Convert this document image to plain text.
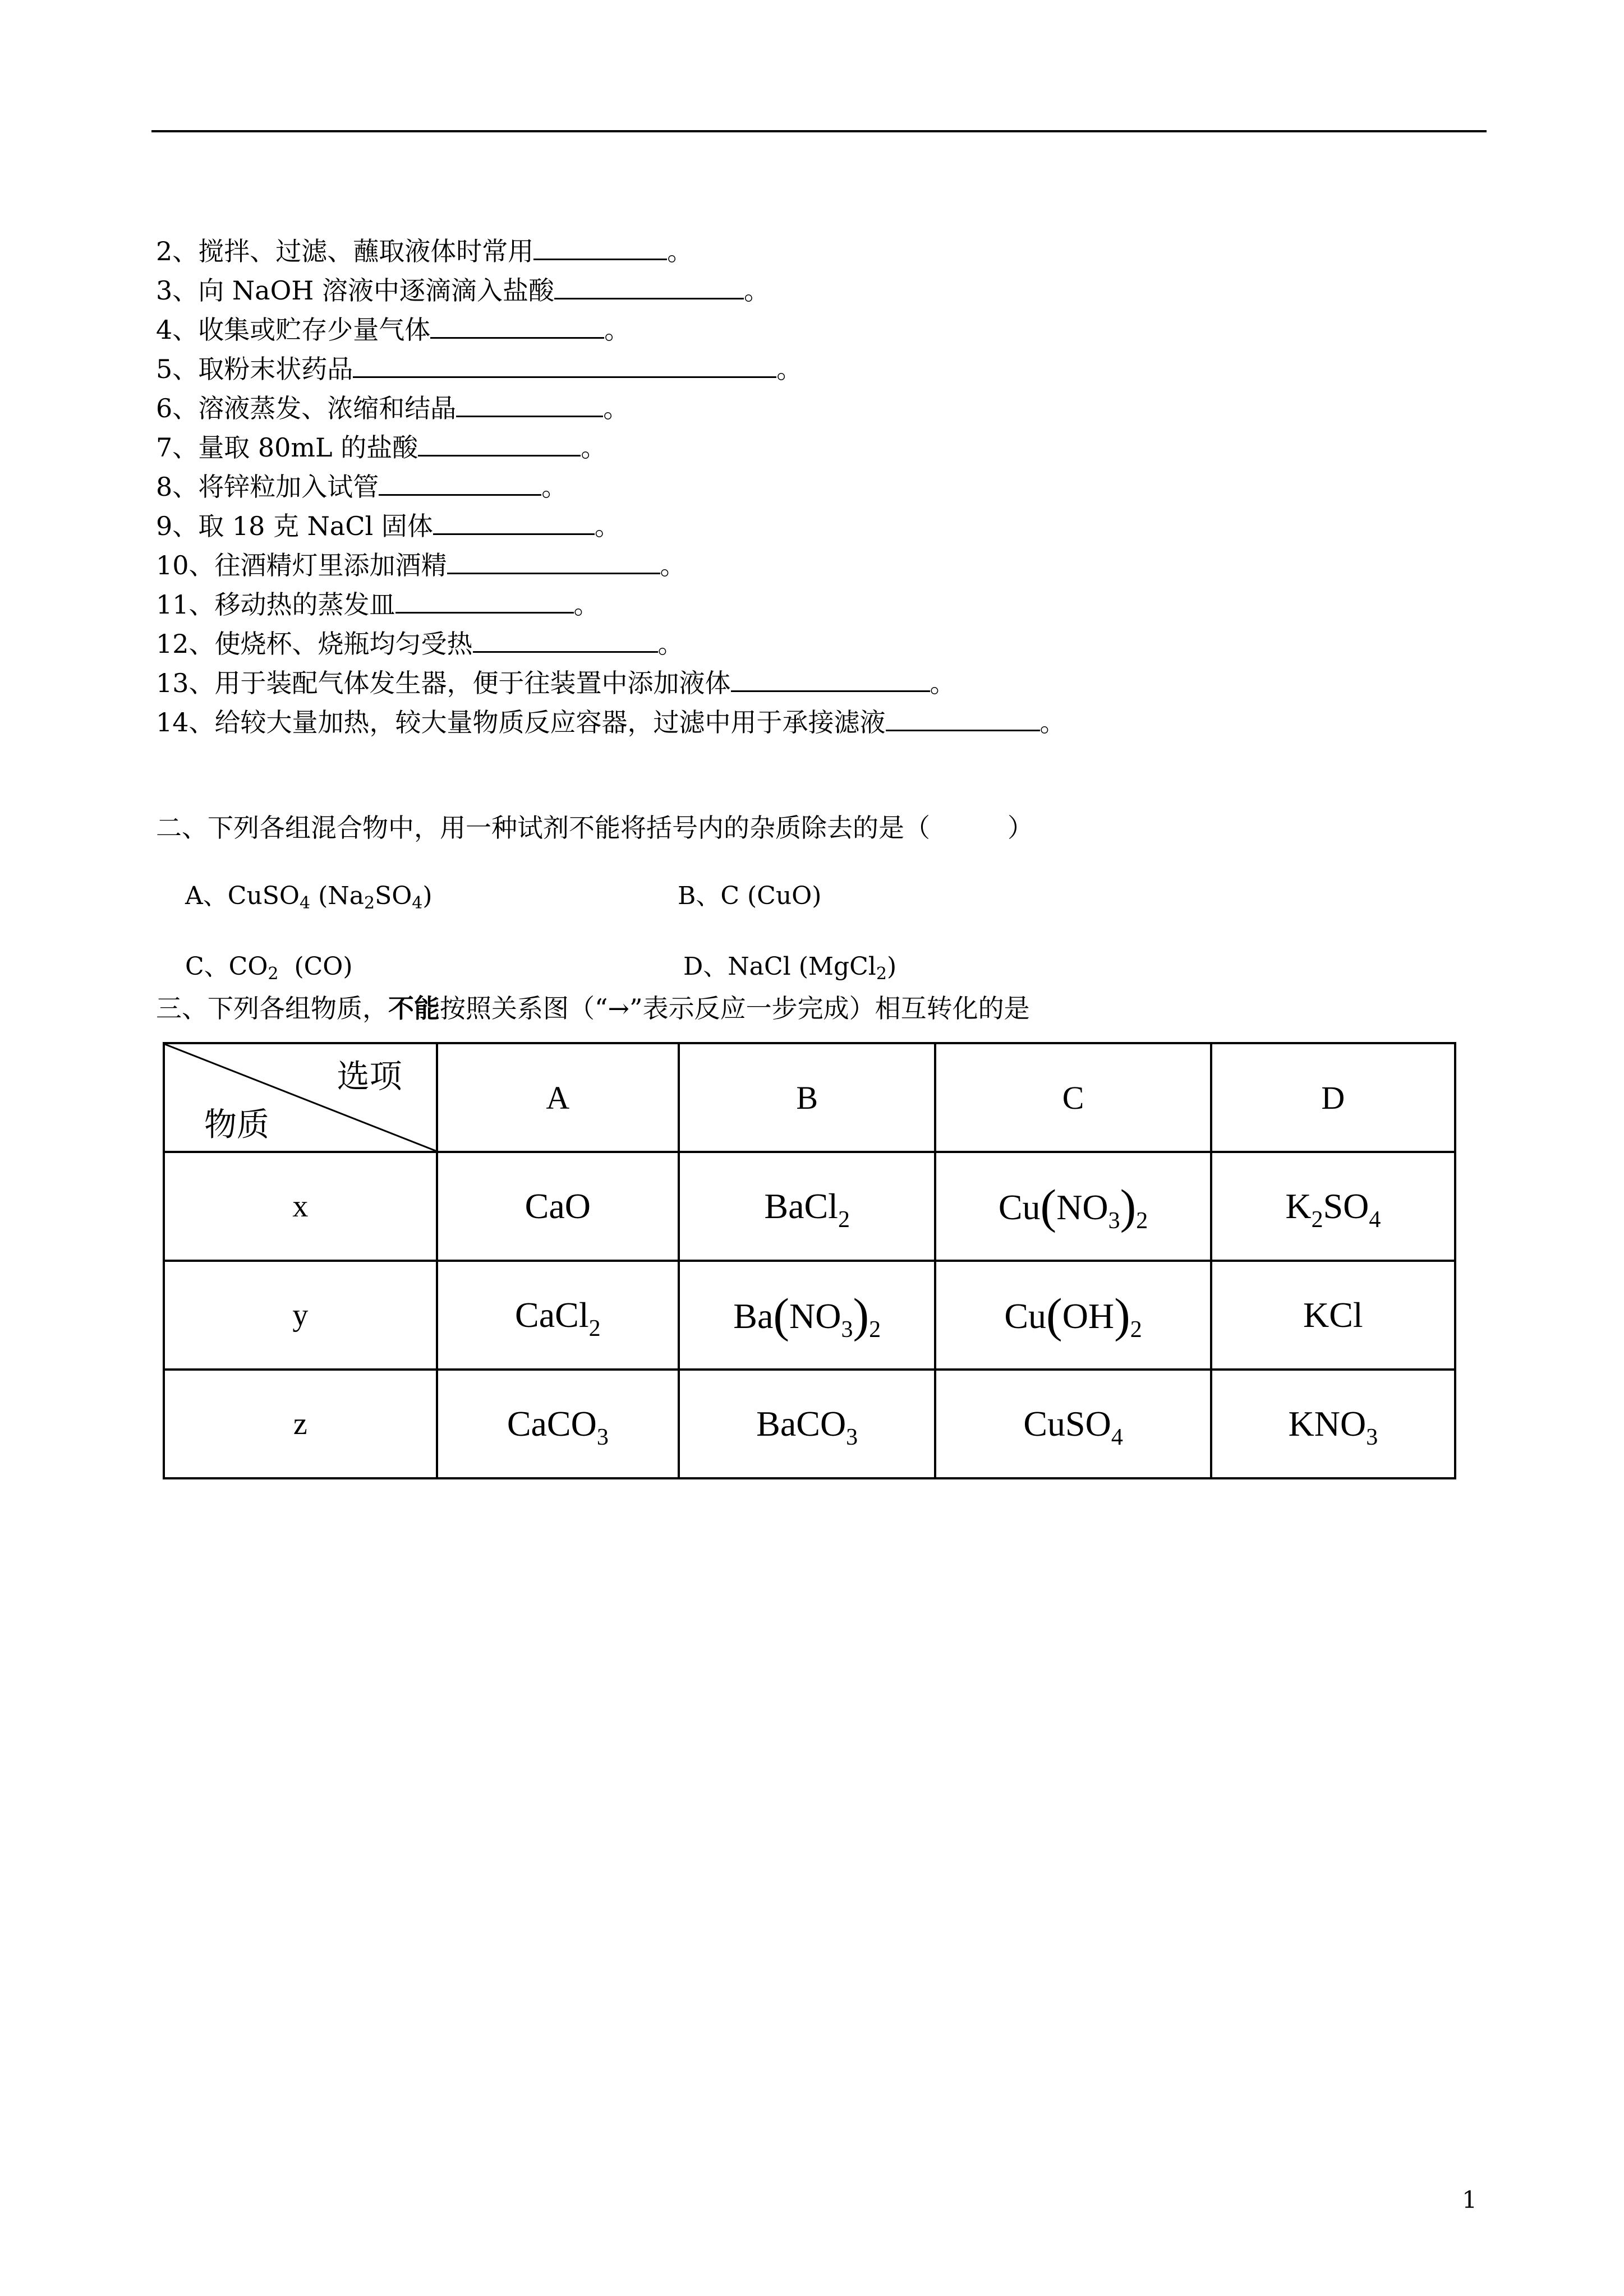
2、搅拌、过滤、蘸取液体时常用	。
3、向 NaOH 溶液中逐滴滴入盐酸	。
4、收集或贮存少量气体	。
5、取粉末状药品	。
6、溶液蒸发、浓缩和结晶	。
7、量取 80mL 的盐酸	。
8、将锌粒加入试管	。
9、取 18 克 NaCl 固体	。
10、往酒精灯里添加酒精	。
11、移动热的蒸发皿	。
12、使烧杯、烧瓶均匀受热	。
13、用于装配气体发生器，便于往装置中添加液体	。
14、给较大量加热，较大量物质反应容器，过滤中用于承接滤液	。
二、下列各组混合物中，用一种试剂不能将括号内的杂质除去的是（　　　）
A、CuSO$_4$ $(Na_2SO_4)$	B、C (CuO)
C、$CO_2$  (CO)	D、NaCl (MgCl$_2$)
三、下列各组物质，不能按照关系图（“→”表示反应一步完成）相互转化的是
选项
物质	A	B	C	D
x	CaO	BaCl$_2$	$Cu(NO_3)_2$	$K_2SO_4$
y	CaCl$_2$	$Ba(NO_3)_2$	$Cu(OH)_2$	KCl
z	CaCO$_3$	BaCO$_3$	CuSO$_4$	$KNO_3$
1
